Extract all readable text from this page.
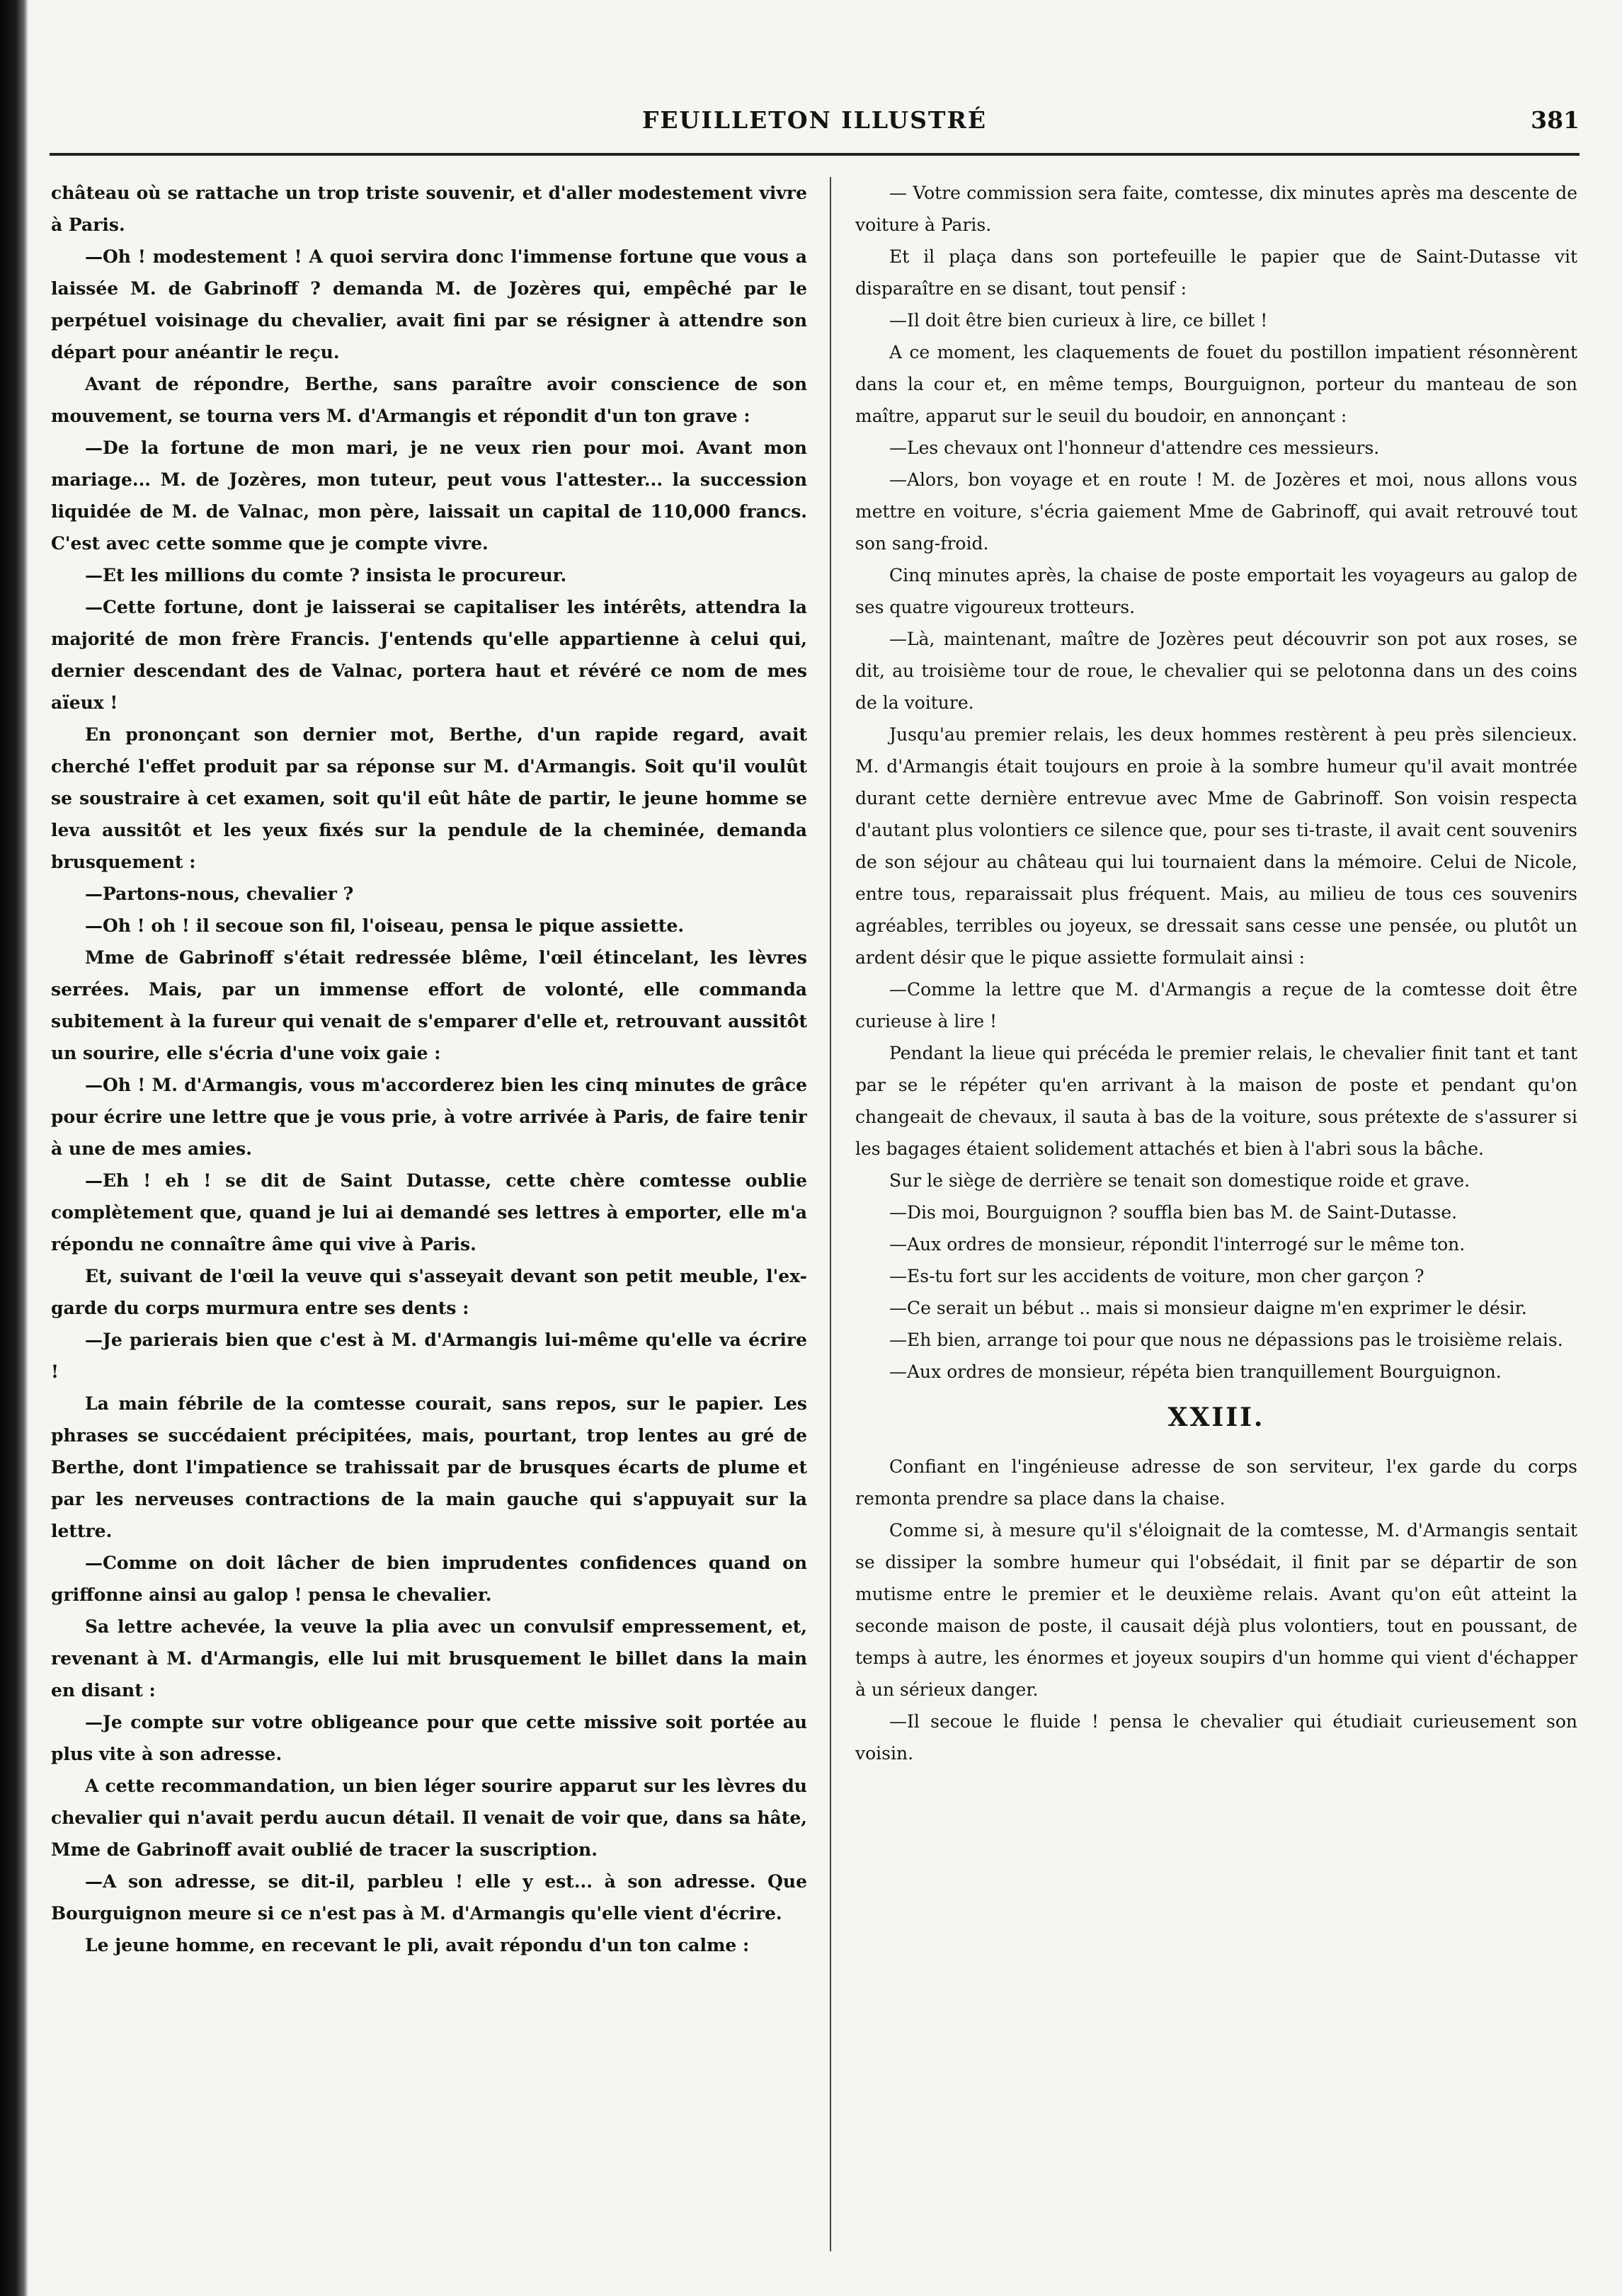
FEUILLETON ILLUSTRÉ	381

château où se rattache un trop triste souvenir, et d'aller modestement vivre à Paris.

—Oh ! modestement ! A quoi servira donc l'immense fortune que vous a laissée M. de Gabrinoff ? demanda M. de Jozères qui, empêché par le perpétuel voisinage du chevalier, avait fini par se résigner à attendre son départ pour anéantir le reçu.

Avant de répondre, Berthe, sans paraître avoir conscience de son mouvement, se tourna vers M. d'Armangis et répondit d'un ton grave :

—De la fortune de mon mari, je ne veux rien pour moi. Avant mon mariage... M. de Jozères, mon tuteur, peut vous l'attester... la succession liquidée de M. de Valnac, mon père, laissait un capital de 110,000 francs. C'est avec cette somme que je compte vivre.

—Et les millions du comte ? insista le procureur.

—Cette fortune, dont je laisserai se capitaliser les intérêts, attendra la majorité de mon frère Francis. J'entends qu'elle appartienne à celui qui, dernier descendant des de Valnac, portera haut et révéré ce nom de mes aïeux !

En prononçant son dernier mot, Berthe, d'un rapide regard, avait cherché l'effet produit par sa réponse sur M. d'Armangis. Soit qu'il voulût se soustraire à cet examen, soit qu'il eût hâte de partir, le jeune homme se leva aussitôt et les yeux fixés sur la pendule de la cheminée, demanda brusquement :

—Partons-nous, chevalier ?

—Oh ! oh ! il secoue son fil, l'oiseau, pensa le pique assiette.

Mme de Gabrinoff s'était redressée blême, l'œil étincelant, les lèvres serrées. Mais, par un immense effort de volonté, elle commanda subitement à la fureur qui venait de s'emparer d'elle et, retrouvant aussitôt un sourire, elle s'écria d'une voix gaie :

—Oh ! M. d'Armangis, vous m'accorderez bien les cinq minutes de grâce pour écrire une lettre que je vous prie, à votre arrivée à Paris, de faire tenir à une de mes amies.

—Eh ! eh ! se dit de Saint Dutasse, cette chère comtesse oublie complètement que, quand je lui ai demandé ses lettres à emporter, elle m'a répondu ne connaître âme qui vive à Paris.

Et, suivant de l'œil la veuve qui s'asseyait devant son petit meuble, l'ex-garde du corps murmura entre ses dents :

—Je parierais bien que c'est à M. d'Armangis lui-même qu'elle va écrire !

La main fébrile de la comtesse courait, sans repos, sur le papier. Les phrases se succédaient précipitées, mais, pourtant, trop lentes au gré de Berthe, dont l'impatience se trahissait par de brusques écarts de plume et par les nerveuses contractions de la main gauche qui s'appuyait sur la lettre.

—Comme on doit lâcher de bien imprudentes confidences quand on griffonne ainsi au galop ! pensa le chevalier.

Sa lettre achevée, la veuve la plia avec un convulsif empressement, et, revenant à M. d'Armangis, elle lui mit brusquement le billet dans la main en disant :

—Je compte sur votre obligeance pour que cette missive soit portée au plus vite à son adresse.

A cette recommandation, un bien léger sourire apparut sur les lèvres du chevalier qui n'avait perdu aucun détail. Il venait de voir que, dans sa hâte, Mme de Gabrinoff avait oublié de tracer la suscription.

—A son adresse, se dit-il, parbleu ! elle y est... à son adresse. Que Bourguignon meure si ce n'est pas à M. d'Armangis qu'elle vient d'écrire.

Le jeune homme, en recevant le pli, avait répondu d'un ton calme :

— Votre commission sera faite, comtesse, dix minutes après ma descente de voiture à Paris.

Et il plaça dans son portefeuille le papier que de Saint-Dutasse vit disparaître en se disant, tout pensif :

—Il doit être bien curieux à lire, ce billet !

A ce moment, les claquements de fouet du postillon impatient résonnèrent dans la cour et, en même temps, Bourguignon, porteur du manteau de son maître, apparut sur le seuil du boudoir, en annonçant :

—Les chevaux ont l'honneur d'attendre ces messieurs.

—Alors, bon voyage et en route ! M. de Jozères et moi, nous allons vous mettre en voiture, s'écria gaiement Mme de Gabrinoff, qui avait retrouvé tout son sang-froid.

Cinq minutes après, la chaise de poste emportait les voyageurs au galop de ses quatre vigoureux trotteurs.

—Là, maintenant, maître de Jozères peut découvrir son pot aux roses, se dit, au troisième tour de roue, le chevalier qui se pelotonna dans un des coins de la voiture.

Jusqu'au premier relais, les deux hommes restèrent à peu près silencieux. M. d'Armangis était toujours en proie à la sombre humeur qu'il avait montrée durant cette dernière entrevue avec Mme de Gabrinoff. Son voisin respecta d'autant plus volontiers ce silence que, pour ses ti-traste, il avait cent souvenirs de son séjour au château qui lui tournaient dans la mémoire. Celui de Nicole, entre tous, reparaissait plus fréquent. Mais, au milieu de tous ces souvenirs agréables, terribles ou joyeux, se dressait sans cesse une pensée, ou plutôt un ardent désir que le pique assiette formulait ainsi :

—Comme la lettre que M. d'Armangis a reçue de la comtesse doit être curieuse à lire !

Pendant la lieue qui précéda le premier relais, le chevalier finit tant et tant par se le répéter qu'en arrivant à la maison de poste et pendant qu'on changeait de chevaux, il sauta à bas de la voiture, sous prétexte de s'assurer si les bagages étaient solidement attachés et bien à l'abri sous la bâche.

Sur le siège de derrière se tenait son domestique roide et grave.

—Dis moi, Bourguignon ? souffla bien bas M. de Saint-Dutasse.

—Aux ordres de monsieur, répondit l'interrogé sur le même ton.

—Es-tu fort sur les accidents de voiture, mon cher garçon ?

—Ce serait un bébut .. mais si monsieur daigne m'en exprimer le désir.

—Eh bien, arrange toi pour que nous ne dépassions pas le troisième relais.

—Aux ordres de monsieur, répéta bien tranquillement Bourguignon.

XXIII.

Confiant en l'ingénieuse adresse de son serviteur, l'ex garde du corps remonta prendre sa place dans la chaise.

Comme si, à mesure qu'il s'éloignait de la comtesse, M. d'Armangis sentait se dissiper la sombre humeur qui l'obsédait, il finit par se départir de son mutisme entre le premier et le deuxième relais. Avant qu'on eût atteint la seconde maison de poste, il causait déjà plus volontiers, tout en poussant, de temps à autre, les énormes et joyeux soupirs d'un homme qui vient d'échapper à un sérieux danger.

—Il secoue le fluide ! pensa le chevalier qui étudiait curieusement son voisin.
